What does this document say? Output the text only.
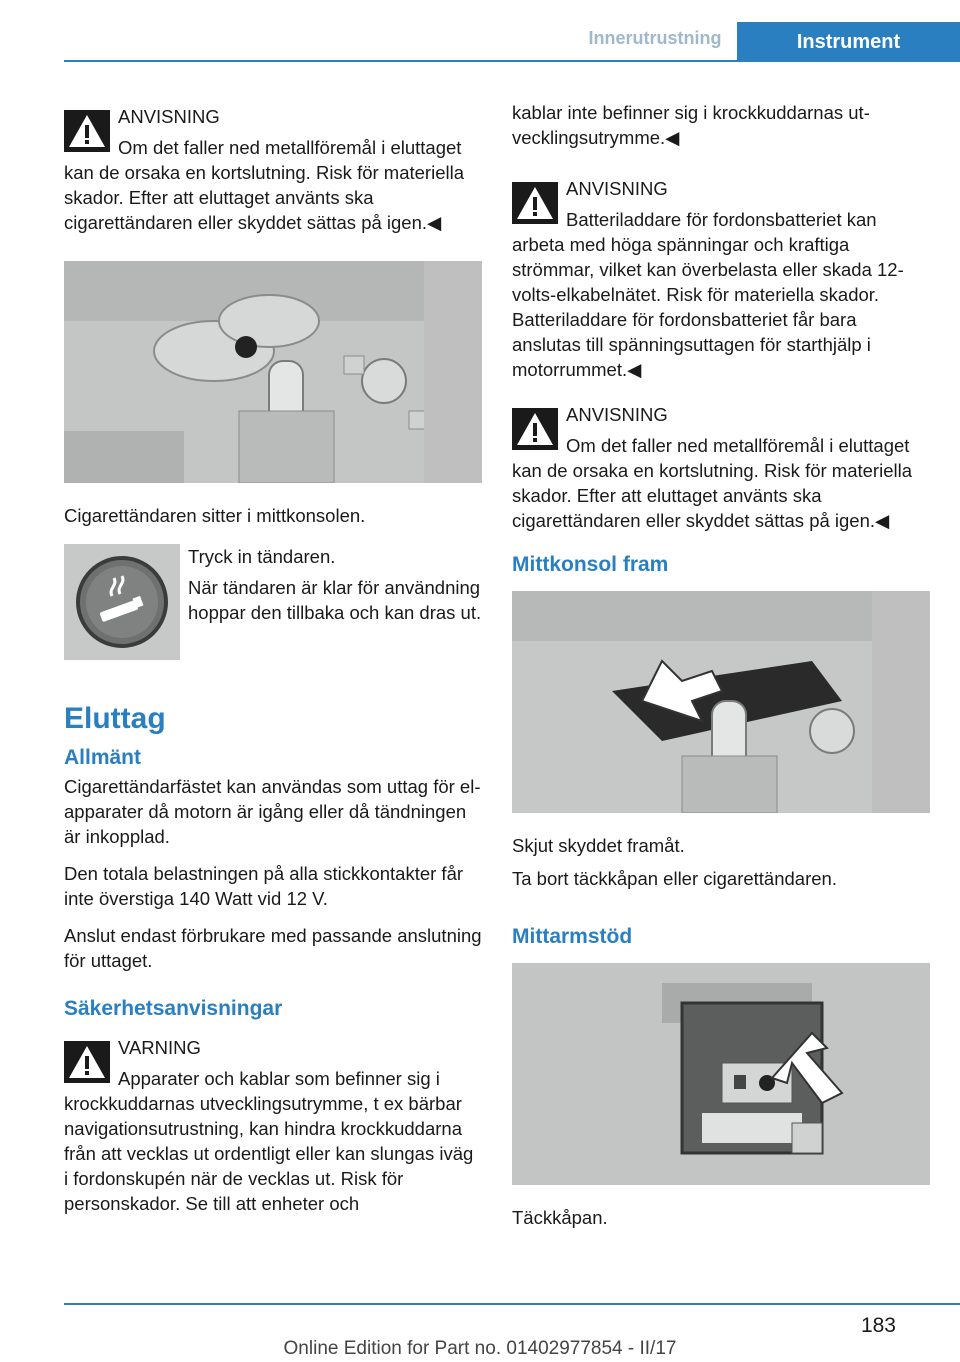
Innerutrustning	Instrument
ANVISNING

Om det faller ned metallföremål i eluttaget kan de orsaka en kortslutning. Risk för materiella skador. Efter att eluttaget använts ska cigarettändaren eller skyddet sättas på igen.◀

Cigarettändaren sitter i mittkonsolen.

Tryck in tändaren.

När tändaren är klar för användning hoppar den tillbaka och kan dras ut.

Eluttag
Allmänt

Cigarettändarfästet kan användas som uttag för el-apparater då motorn är igång eller då tändningen är inkopplad.

Den totala belastningen på alla stickkontakter får inte överstiga 140 Watt vid 12 V.

Anslut endast förbrukare med passande anslutning för uttaget.

Säkerhetsanvisningar
VARNING

Apparater och kablar som befinner sig i krockkuddarnas utvecklingsutrymme, t ex bärbar navigationsutrustning, kan hindra krockkuddarna från att vecklas ut ordentligt eller kan slungas iväg i fordonskupén när de vecklas ut. Risk för personskador. Se till att enheter och

kablar inte befinner sig i krockkuddarnas utvecklingsutrymme.◀

ANVISNING

Batteriladdare för fordonsbatteriet kan arbeta med höga spänningar och kraftiga strömmar, vilket kan överbelasta eller skada 12-volts-elkabelnätet. Risk för materiella skador. Batteriladdare för fordonsbatteriet får bara anslutas till spänningsuttagen för starthjälp i motorrummet.◀

ANVISNING

Om det faller ned metallföremål i eluttaget kan de orsaka en kortslutning. Risk för materiella skador. Efter att eluttaget använts ska cigarettändaren eller skyddet sättas på igen.◀

Mittkonsol fram

Skjut skyddet framåt.

Ta bort täckkåpan eller cigarettändaren.

Mittarmstöd

Täckkåpan.

183
Online Edition for Part no. 01402977854 - II/17
